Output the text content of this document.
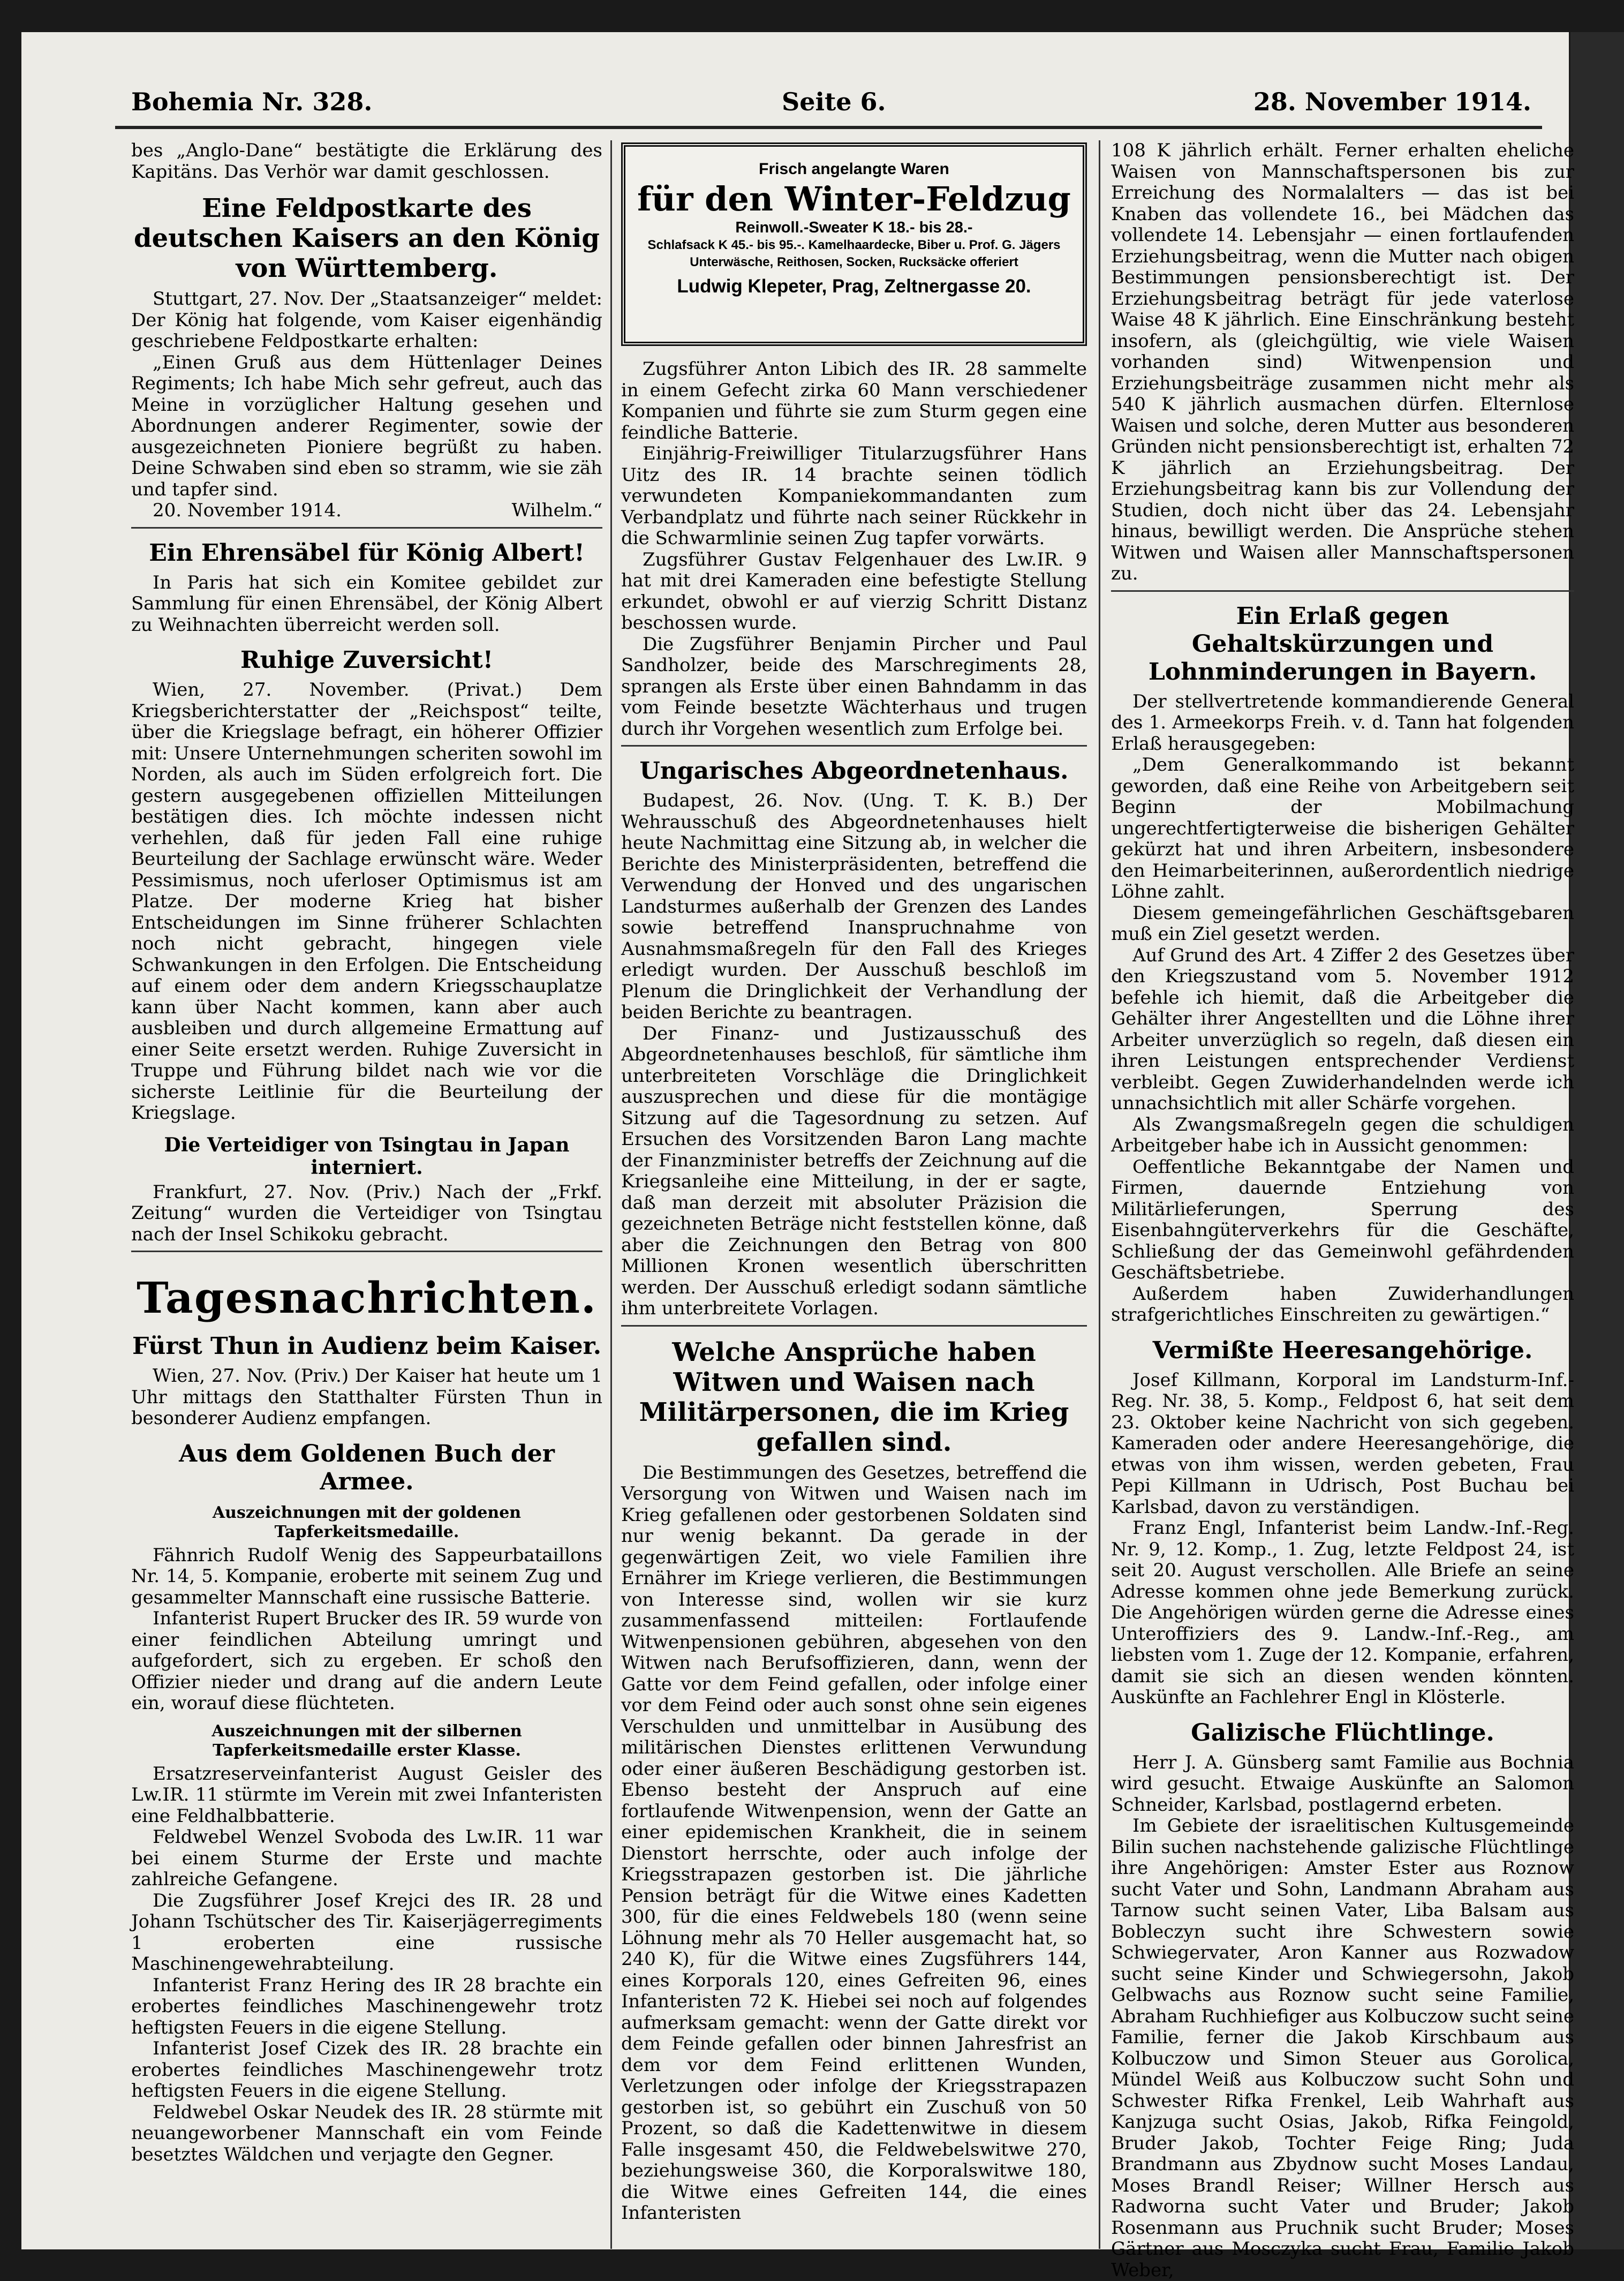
Bohemia Nr. 328.	Seite 6.	28. November 1914.

bes „Anglo-Dane“ bestätigte die Erklärung des Kapitäns. Das Verhör war damit geschlossen.

Eine Feldpostkarte des deutschen Kaisers an den König von Württemberg.

Stuttgart, 27. Nov. Der „Staatsanzeiger“ meldet: Der König hat folgende, vom Kaiser eigenhändig geschriebene Feldpostkarte erhalten:

„Einen Gruß aus dem Hüttenlager Deines Regiments; Ich habe Mich sehr gefreut, auch das Meine in vorzüglicher Haltung gesehen und Abordnungen anderer Regimenter, sowie der ausgezeichneten Pioniere begrüßt zu haben. Deine Schwaben sind eben so stramm, wie sie zäh und tapfer sind.

20. November 1914.	Wilhelm.“
Ein Ehrensäbel für König Albert!

In Paris hat sich ein Komitee gebildet zur Sammlung für einen Ehrensäbel, der König Albert zu Weihnachten überreicht werden soll.

Ruhige Zuversicht!

Wien, 27. November. (Privat.) Dem Kriegsberichterstatter der „Reichspost“ teilte, über die Kriegslage befragt, ein höherer Offizier mit: Unsere Unternehmungen scheriten sowohl im Norden, als auch im Süden erfolgreich fort. Die gestern ausgegebenen offiziellen Mitteilungen bestätigen dies. Ich möchte indessen nicht verhehlen, daß für jeden Fall eine ruhige Beurteilung der Sachlage erwünscht wäre. Weder Pessimismus, noch uferloser Optimismus ist am Platze. Der moderne Krieg hat bisher Entscheidungen im Sinne früherer Schlachten noch nicht gebracht, hingegen viele Schwankungen in den Erfolgen. Die Entscheidung auf einem oder dem andern Kriegsschauplatze kann über Nacht kommen, kann aber auch ausbleiben und durch allgemeine Ermattung auf einer Seite ersetzt werden. Ruhige Zuversicht in Truppe und Führung bildet nach wie vor die sicherste Leitlinie für die Beurteilung der Kriegslage.

Die Verteidiger von Tsingtau in Japan interniert.

Frankfurt, 27. Nov. (Priv.) Nach der „Frkf. Zeitung“ wurden die Verteidiger von Tsingtau nach der Insel Schikoku gebracht.

Tagesnachrichten.
Fürst Thun in Audienz beim Kaiser.

Wien, 27. Nov. (Priv.) Der Kaiser hat heute um 1 Uhr mittags den Statthalter Fürsten Thun in besonderer Audienz empfangen.

Aus dem Goldenen Buch der Armee.
Auszeichnungen mit der goldenen Tapferkeitsmedaille.

Fähnrich Rudolf Wenig des Sappeurbataillons Nr. 14, 5. Kompanie, eroberte mit seinem Zug und gesammelter Mannschaft eine russische Batterie.

Infanterist Rupert Brucker des IR. 59 wurde von einer feindlichen Abteilung umringt und aufgefordert, sich zu ergeben. Er schoß den Offizier nieder und drang auf die andern Leute ein, worauf diese flüchteten.

Auszeichnungen mit der silbernen Tapferkeitsmedaille erster Klasse.

Ersatzreserveinfanterist August Geisler des Lw.IR. 11 stürmte im Verein mit zwei Infanteristen eine Feldhalbbatterie.

Feldwebel Wenzel Svoboda des Lw.IR. 11 war bei einem Sturme der Erste und machte zahlreiche Gefangene.

Die Zugsführer Josef Krejci des IR. 28 und Johann Tschütscher des Tir. Kaiserjägerregiments 1 eroberten eine russische Maschinengewehrabteilung.

Infanterist Franz Hering des IR 28 brachte ein erobertes feindliches Maschinengewehr trotz heftigsten Feuers in die eigene Stellung.

Infanterist Josef Cizek des IR. 28 brachte ein erobertes feindliches Maschinengewehr trotz heftigsten Feuers in die eigene Stellung.

Feldwebel Oskar Neudek des IR. 28 stürmte mit neuangeworbener Mannschaft ein vom Feinde besetztes Wäldchen und verjagte den Gegner.

Frisch angelangte Waren
für den Winter-Feldzug
Reinwoll.-Sweater K 18.- bis 28.-
Schlafsack K 45.- bis 95.-. Kamelhaardecke, Biber u. Prof. G. Jägers Unterwäsche, Reithosen, Socken, Rucksäcke offeriert
Ludwig Klepeter, Prag, Zeltnergasse 20.

Zugsführer Anton Libich des IR. 28 sammelte in einem Gefecht zirka 60 Mann verschiedener Kompanien und führte sie zum Sturm gegen eine feindliche Batterie.

Einjährig-Freiwilliger Titularzugsführer Hans Uitz des IR. 14 brachte seinen tödlich verwundeten Kompaniekommandanten zum Verbandplatz und führte nach seiner Rückkehr in die Schwarmlinie seinen Zug tapfer vorwärts.

Zugsführer Gustav Felgenhauer des Lw.IR. 9 hat mit drei Kameraden eine befestigte Stellung erkundet, obwohl er auf vierzig Schritt Distanz beschossen wurde.

Die Zugsführer Benjamin Pircher und Paul Sandholzer, beide des Marschregiments 28, sprangen als Erste über einen Bahndamm in das vom Feinde besetzte Wächterhaus und trugen durch ihr Vorgehen wesentlich zum Erfolge bei.

Ungarisches Abgeordnetenhaus.

Budapest, 26. Nov. (Ung. T. K. B.) Der Wehrausschuß des Abgeordnetenhauses hielt heute Nachmittag eine Sitzung ab, in welcher die Berichte des Ministerpräsidenten, betreffend die Verwendung der Honved und des ungarischen Landsturmes außerhalb der Grenzen des Landes sowie betreffend Inanspruchnahme von Ausnahmsmaßregeln für den Fall des Krieges erledigt wurden. Der Ausschuß beschloß im Plenum die Dringlichkeit der Verhandlung der beiden Berichte zu beantragen.

Der Finanz- und Justizausschuß des Abgeordnetenhauses beschloß, für sämtliche ihm unterbreiteten Vorschläge die Dringlichkeit auszusprechen und diese für die montägige Sitzung auf die Tagesordnung zu setzen. Auf Ersuchen des Vorsitzenden Baron Lang machte der Finanzminister betreffs der Zeichnung auf die Kriegsanleihe eine Mitteilung, in der er sagte, daß man derzeit mit absoluter Präzision die gezeichneten Beträge nicht feststellen könne, daß aber die Zeichnungen den Betrag von 800 Millionen Kronen wesentlich überschritten werden. Der Ausschuß erledigt sodann sämtliche ihm unterbreitete Vorlagen.

Welche Ansprüche haben Witwen und Waisen nach Militärpersonen, die im Krieg gefallen sind.

Die Bestimmungen des Gesetzes, betreffend die Versorgung von Witwen und Waisen nach im Krieg gefallenen oder gestorbenen Soldaten sind nur wenig bekannt. Da gerade in der gegenwärtigen Zeit, wo viele Familien ihre Ernährer im Kriege verlieren, die Bestimmungen von Interesse sind, wollen wir sie kurz zusammenfassend mitteilen: Fortlaufende Witwenpensionen gebühren, abgesehen von den Witwen nach Berufsoffizieren, dann, wenn der Gatte vor dem Feind gefallen, oder infolge einer vor dem Feind oder auch sonst ohne sein eigenes Verschulden und unmittelbar in Ausübung des militärischen Dienstes erlittenen Verwundung oder einer äußeren Beschädigung gestorben ist. Ebenso besteht der Anspruch auf eine fortlaufende Witwenpension, wenn der Gatte an einer epidemischen Krankheit, die in seinem Dienstort herrschte, oder auch infolge der Kriegsstrapazen gestorben ist. Die jährliche Pension beträgt für die Witwe eines Kadetten 300, für die eines Feldwebels 180 (wenn seine Löhnung mehr als 70 Heller ausgemacht hat, so 240 K), für die Witwe eines Zugsführers 144, eines Korporals 120, eines Gefreiten 96, eines Infanteristen 72 K. Hiebei sei noch auf folgendes aufmerksam gemacht: wenn der Gatte direkt vor dem Feinde gefallen oder binnen Jahresfrist an dem vor dem Feind erlittenen Wunden, Verletzungen oder infolge der Kriegsstrapazen gestorben ist, so gebührt ein Zuschuß von 50 Prozent, so daß die Kadettenwitwe in diesem Falle insgesamt 450, die Feldwebelswitwe 270, beziehungsweise 360, die Korporalswitwe 180, die Witwe eines Gefreiten 144, die eines Infanteristen

108 K jährlich erhält. Ferner erhalten eheliche Waisen von Mannschaftspersonen bis zur Erreichung des Normalalters — das ist bei Knaben das vollendete 16., bei Mädchen das vollendete 14. Lebensjahr — einen fortlaufenden Erziehungsbeitrag, wenn die Mutter nach obigen Bestimmungen pensionsberechtigt ist. Der Erziehungsbeitrag beträgt für jede vaterlose Waise 48 K jährlich. Eine Einschränkung besteht insofern, als (gleichgültig, wie viele Waisen vorhanden sind) Witwenpension und Erziehungsbeiträge zusammen nicht mehr als 540 K jährlich ausmachen dürfen. Elternlose Waisen und solche, deren Mutter aus besonderen Gründen nicht pensionsberechtigt ist, erhalten 72 K jährlich an Erziehungsbeitrag. Der Erziehungsbeitrag kann bis zur Vollendung der Studien, doch nicht über das 24. Lebensjahr hinaus, bewilligt werden. Die Ansprüche stehen Witwen und Waisen aller Mannschaftspersonen zu.

Ein Erlaß gegen Gehaltskürzungen und Lohnminderungen in Bayern.

Der stellvertretende kommandierende General des 1. Armeekorps Freih. v. d. Tann hat folgenden Erlaß herausgegeben:

„Dem Generalkommando ist bekannt geworden, daß eine Reihe von Arbeitgebern seit Beginn der Mobilmachung ungerechtfertigterweise die bisherigen Gehälter gekürzt hat und ihren Arbeitern, insbesondere den Heimarbeiterinnen, außerordentlich niedrige Löhne zahlt.

Diesem gemeingefährlichen Geschäftsgebaren muß ein Ziel gesetzt werden.

Auf Grund des Art. 4 Ziffer 2 des Gesetzes über den Kriegszustand vom 5. November 1912 befehle ich hiemit, daß die Arbeitgeber die Gehälter ihrer Angestellten und die Löhne ihrer Arbeiter unverzüglich so regeln, daß diesen ein ihren Leistungen entsprechender Verdienst verbleibt. Gegen Zuwiderhandelnden werde ich unnachsichtlich mit aller Schärfe vorgehen.

Als Zwangsmaßregeln gegen die schuldigen Arbeitgeber habe ich in Aussicht genommen:

Oeffentliche Bekanntgabe der Namen und Firmen, dauernde Entziehung von Militärlieferungen, Sperrung des Eisenbahngüterverkehrs für die Geschäfte, Schließung der das Gemeinwohl gefährdenden Geschäftsbetriebe.

Außerdem haben Zuwiderhandlungen strafgerichtliches Einschreiten zu gewärtigen.“

Vermißte Heeresangehörige.

Josef Killmann, Korporal im Landsturm-Inf.-Reg. Nr. 38, 5. Komp., Feldpost 6, hat seit dem 23. Oktober keine Nachricht von sich gegeben. Kameraden oder andere Heeresangehörige, die etwas von ihm wissen, werden gebeten, Frau Pepi Killmann in Udrisch, Post Buchau bei Karlsbad, davon zu verständigen.

Franz Engl, Infanterist beim Landw.-Inf.-Reg. Nr. 9, 12. Komp., 1. Zug, letzte Feldpost 24, ist seit 20. August verschollen. Alle Briefe an seine Adresse kommen ohne jede Bemerkung zurück. Die Angehörigen würden gerne die Adresse eines Unteroffiziers des 9. Landw.-Inf.-Reg., am liebsten vom 1. Zuge der 12. Kompanie, erfahren, damit sie sich an diesen wenden könnten. Auskünfte an Fachlehrer Engl in Klösterle.

Galizische Flüchtlinge.

Herr J. A. Günsberg samt Familie aus Bochnia wird gesucht. Etwaige Auskünfte an Salomon Schneider, Karlsbad, postlagernd erbeten.

Im Gebiete der israelitischen Kultusgemeinde Bilin suchen nachstehende galizische Flüchtlinge ihre Angehörigen: Amster Ester aus Roznow sucht Vater und Sohn, Landmann Abraham aus Tarnow sucht seinen Vater, Liba Balsam aus Bobleczyn sucht ihre Schwestern sowie Schwiegervater, Aron Kanner aus Rozwadow sucht seine Kinder und Schwiegersohn, Jakob Gelbwachs aus Roznow sucht seine Familie, Abraham Ruchhiefiger aus Kolbuczow sucht seine Familie, ferner die Jakob Kirschbaum aus Kolbuczow und Simon Steuer aus Gorolica, Mündel Weiß aus Kolbuczow sucht Sohn und Schwester Rifka Frenkel, Leib Wahrhaft aus Kanjzuga sucht Osias, Jakob, Rifka Feingold, Bruder Jakob, Tochter Feige Ring; Juda Brandmann aus Zbydnow sucht Moses Landau, Moses Brandl Reiser; Willner Hersch aus Radworna sucht Vater und Bruder; Jakob Rosenmann aus Pruchnik sucht Bruder; Moses Gärtner aus Mosczyka sucht Frau, Familie Jakob Weber,
